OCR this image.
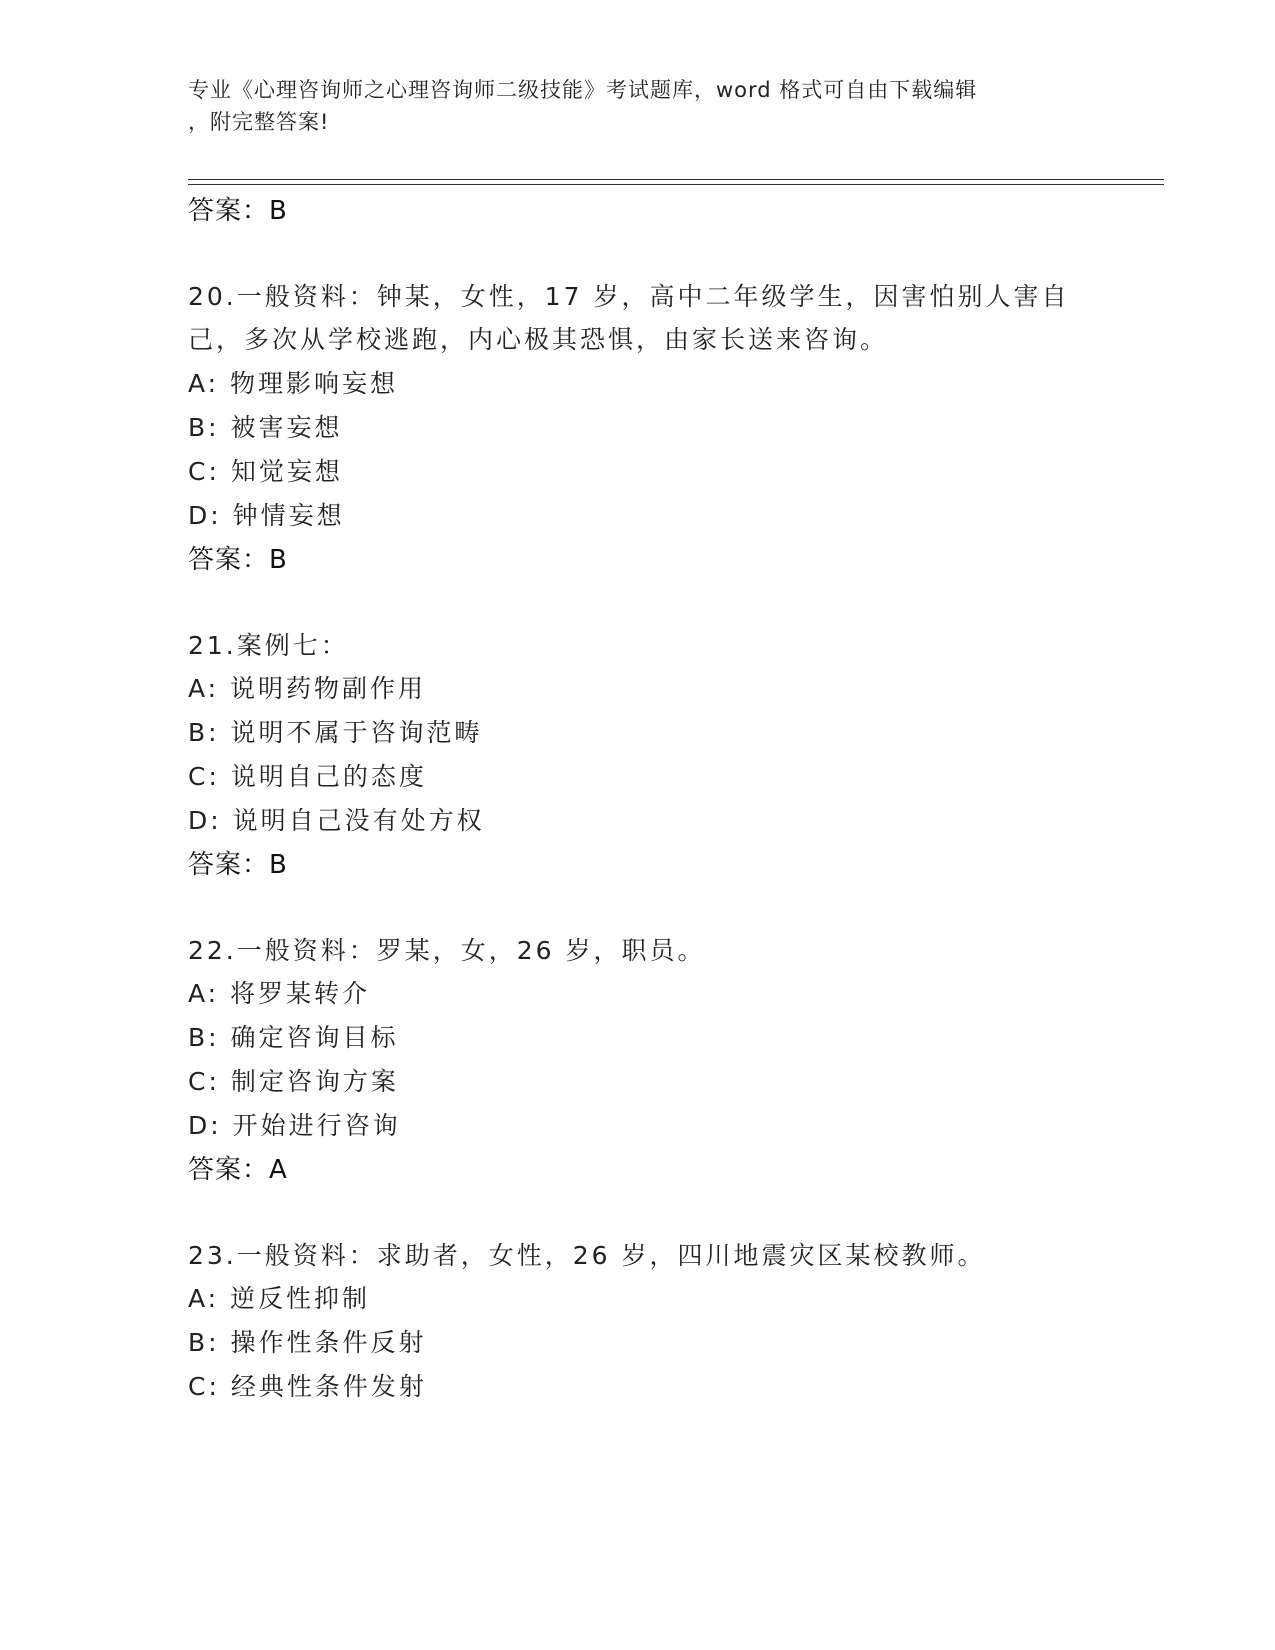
专业《心理咨询师之心理咨询师二级技能》考试题库，word 格式可自由下载编辑
，附完整答案!
答案：B
20.一般资料：钟某，女性，17 岁，高中二年级学生，因害怕别人害自
己，多次从学校逃跑，内心极其恐惧，由家长送来咨询。
A: 物理影响妄想
B: 被害妄想
C: 知觉妄想
D: 钟情妄想
答案：B
21.案例七：
A: 说明药物副作用
B: 说明不属于咨询范畴
C: 说明自己的态度
D: 说明自己没有处方权
答案：B
22.一般资料：罗某，女，26 岁，职员。
A: 将罗某转介
B: 确定咨询目标
C: 制定咨询方案
D: 开始进行咨询
答案：A
23.一般资料：求助者，女性，26 岁，四川地震灾区某校教师。
A: 逆反性抑制
B: 操作性条件反射
C: 经典性条件发射
